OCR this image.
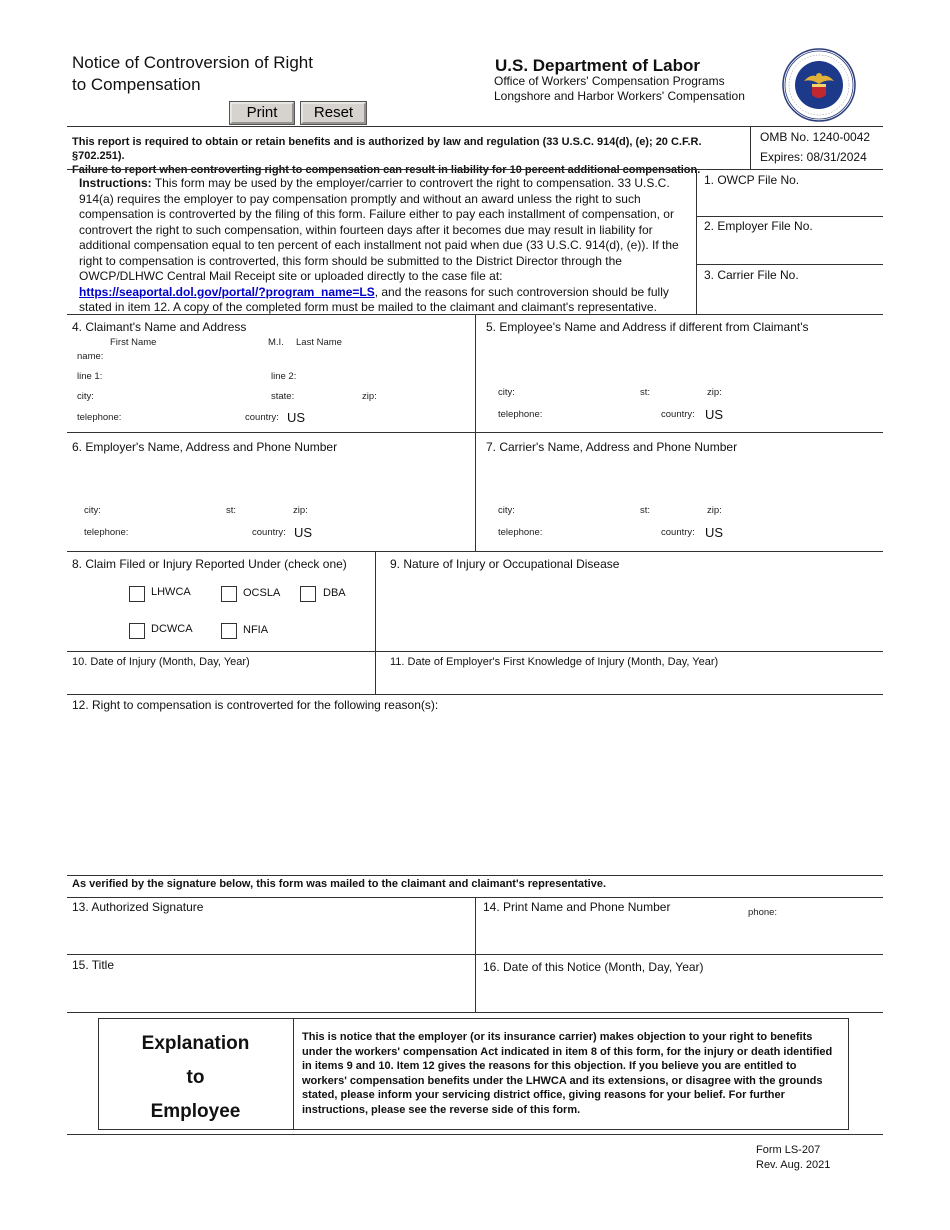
Notice of Controversion of Right
to Compensation
Print	Reset
U.S. Department of Labor
Office of Workers' Compensation Programs
Longshore and Harbor Workers' Compensation
This report is required to obtain or retain benefits and is authorized by law and regulation (33 U.S.C. 914(d), (e); 20 C.F.R. §702.251).
Failure to report when controverting right to compensation can result in liability for 10 percent additional compensation.
OMB No. 1240-0042
Expires: 08/31/2024
Instructions: This form may be used by the employer/carrier to controvert the right to compensation. 33 U.S.C. 914(a) requires the employer to pay compensation promptly and without an award unless the right to such compensation is controverted by the filing of this form. Failure either to pay each installment of compensation, or controvert the right to such compensation, within fourteen days after it becomes due may result in liability for additional compensation equal to ten percent of each installment not paid when due (33 U.S.C. 914(d), (e)). If the right to compensation is controverted, this form should be submitted to the District Director through the OWCP/DLHWC Central Mail Receipt site or uploaded directly to the case file at: https://seaportal.dol.gov/portal/?program_name=LS, and the reasons for such controversion should be fully stated in item 12. A copy of the completed form must be mailed to the claimant and claimant's representative.
1. OWCP File No.
2. Employer File No.
3. Carrier File No.
4. Claimant's Name and Address
First Name	M.I. Last Name
name:
line 1:	line 2:
city:	state:	zip:
telephone:	country: US
5. Employee's Name and Address if different from Claimant's
city:	st:	zip:
telephone:	country: US
6. Employer's Name, Address and Phone Number
city:	st:	zip:
telephone:	country: US
7. Carrier's Name, Address and Phone Number
city:	st:	zip:
telephone:	country: US
8. Claim Filed or Injury Reported Under (check one)
LHWCA	OCSLA	DBA
DCWCA	NFIA
9. Nature of Injury or Occupational Disease
10. Date of Injury (Month, Day, Year)	11. Date of Employer's First Knowledge of Injury (Month, Day, Year)
12. Right to compensation is controverted for the following reason(s):
As verified by the signature below, this form was mailed to the claimant and claimant's representative.
13. Authorized Signature	14. Print Name and Phone Number	phone:
15. Title	16. Date of this Notice (Month, Day, Year)
Explanation
to
Employee
This is notice that the employer (or its insurance carrier) makes objection to your right to benefits under the workers' compensation Act indicated in item 8 of this form, for the injury or death identified in items 9 and 10. Item 12 gives the reasons for this objection. If you believe you are entitled to workers' compensation benefits under the LHWCA and its extensions, or disagree with the grounds stated, please inform your servicing district office, giving reasons for your belief. For further instructions, please see the reverse side of this form.
Form LS-207
Rev. Aug. 2021
